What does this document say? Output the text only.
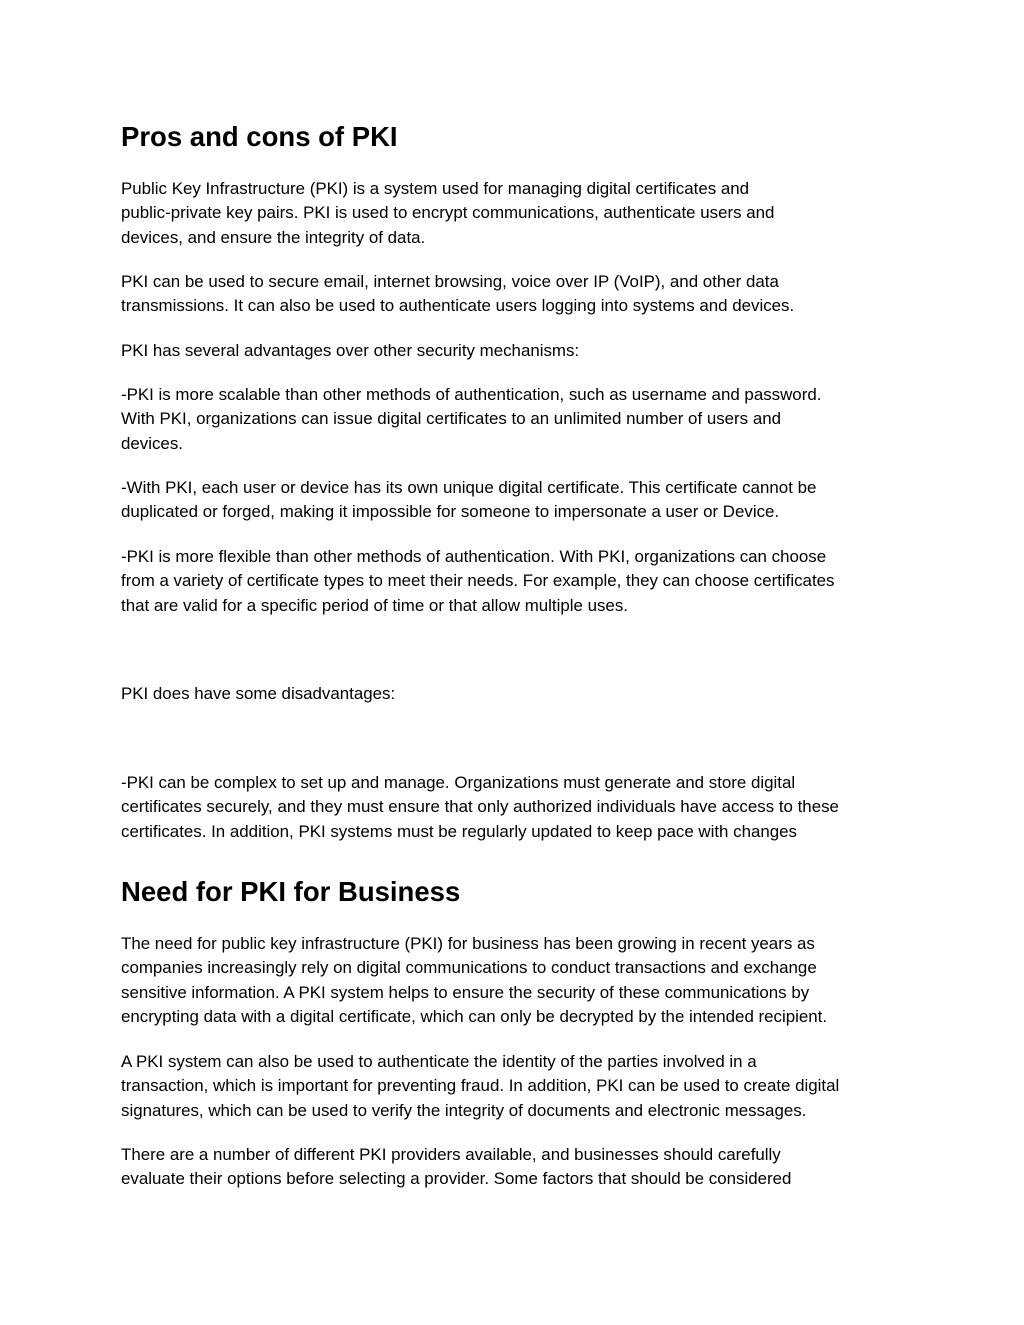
Pros and cons of PKI

Public Key Infrastructure (PKI) is a system used for managing digital certificates and
public-private key pairs. PKI is used to encrypt communications, authenticate users and
devices, and ensure the integrity of data.

PKI can be used to secure email, internet browsing, voice over IP (VoIP), and other data
transmissions. It can also be used to authenticate users logging into systems and devices.

PKI has several advantages over other security mechanisms:

-PKI is more scalable than other methods of authentication, such as username and password.
With PKI, organizations can issue digital certificates to an unlimited number of users and
devices.

-With PKI, each user or device has its own unique digital certificate. This certificate cannot be
duplicated or forged, making it impossible for someone to impersonate a user or Device.

-PKI is more flexible than other methods of authentication. With PKI, organizations can choose
from a variety of certificate types to meet their needs. For example, they can choose certificates
that are valid for a specific period of time or that allow multiple uses.

PKI does have some disadvantages:

-PKI can be complex to set up and manage. Organizations must generate and store digital
certificates securely, and they must ensure that only authorized individuals have access to these
certificates. In addition, PKI systems must be regularly updated to keep pace with changes

Need for PKI for Business

The need for public key infrastructure (PKI) for business has been growing in recent years as
companies increasingly rely on digital communications to conduct transactions and exchange
sensitive information. A PKI system helps to ensure the security of these communications by
encrypting data with a digital certificate, which can only be decrypted by the intended recipient.

A PKI system can also be used to authenticate the identity of the parties involved in a
transaction, which is important for preventing fraud. In addition, PKI can be used to create digital
signatures, which can be used to verify the integrity of documents and electronic messages.

There are a number of different PKI providers available, and businesses should carefully
evaluate their options before selecting a provider. Some factors that should be considered
